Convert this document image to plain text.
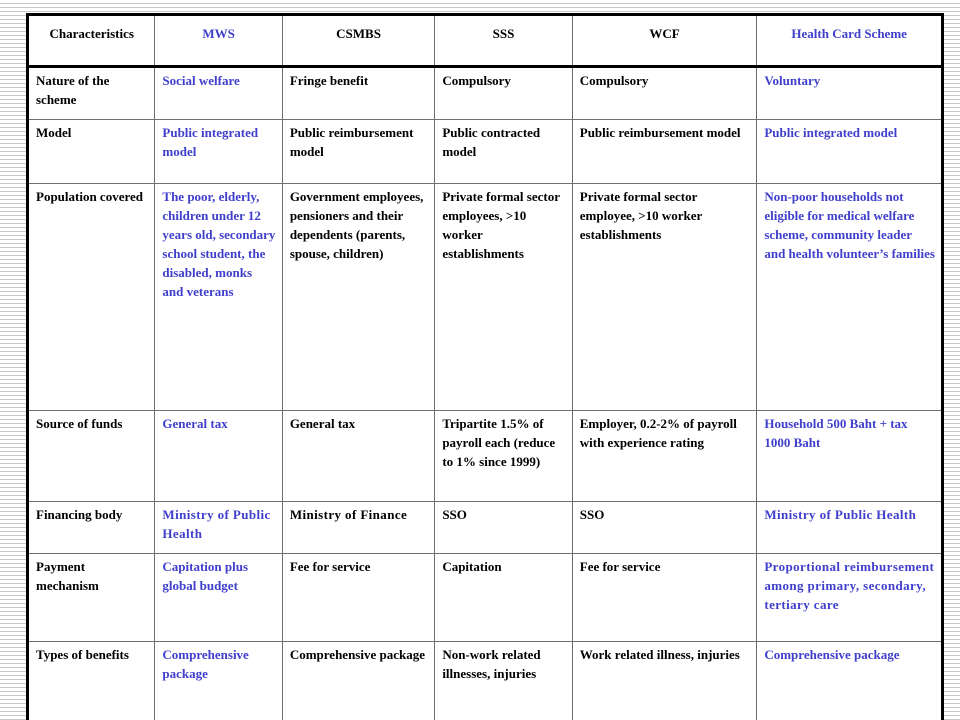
Characteristics	MWS	CSMBS	SSS	WCF	Health Card Scheme
Nature of the scheme	Social welfare	Fringe benefit	Compulsory	Compulsory	Voluntary
Model	Public integrated model	Public reimbursement model	Public contracted model	Public reimbursement model	Public integrated model
Population covered	The poor, elderly, children under 12 years old, secondary school student, the disabled, monks and veterans	Government employees, pensioners and their dependents (parents, spouse, children)	Private formal sector employees, >10 worker establishments	Private formal sector employee, >10 worker establishments	Non-poor households not eligible for medical welfare scheme, community leader and health volunteer’s families
Source of funds	General tax	General tax	Tripartite 1.5% of payroll each (reduce to 1% since 1999)	Employer, 0.2-2% of payroll with experience rating	Household 500 Baht + tax 1000 Baht
Financing body	Ministry of Public Health	Ministry of Finance	SSO	SSO	Ministry of Public Health
Payment mechanism	Capitation plus global budget	Fee for service	Capitation	Fee for service	Proportional reimbursement among primary, secondary, tertiary care
Types of benefits	Comprehensive package	Comprehensive package	Non-work related illnesses, injuries	Work related illness, injuries	Comprehensive package
